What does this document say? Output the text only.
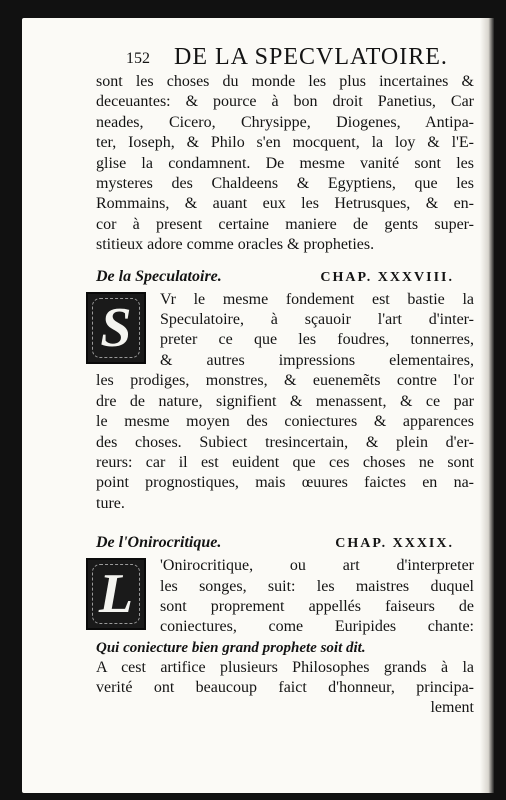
152 DE LA SPECVLATOIRE.
sont les choses du monde les plus incertaines &
deceuantes: & pource à bon droit Panetius, Car
neades, Cicero, Chrysippe, Diogenes, Antipa-
ter, Ioseph, & Philo s'en mocquent, la loy & l'E-
glise la condamnent. De mesme vanité sont les
mysteres des Chaldeens & Egyptiens, que les
Rommains, & auant eux les Hetrusques, & en-
cor à present certaine maniere de gents super-
stitieux adore comme oracles & propheties.
De la Speculatoire.	CHAP. XXXVIII.
S Vr le mesme fondement est bastie la
Speculatoire, à sçauoir l'art d'inter-
preter ce que les foudres, tonnerres,
& autres impressions elementaires,
les prodiges, monstres, & euenemẽts contre l'or
dre de nature, signifient & menassent, & ce par
le mesme moyen des coniectures & apparences
des choses. Subiect tresincertain, & plein d'er-
reurs: car il est euident que ces choses ne sont
point prognostiques, mais œuures faictes en na-
ture.
De l'Onirocritique.	CHAP. XXXIX.
L 'Onirocritique, ou art d'interpreter
les songes, suit: les maistres duquel
sont proprement appellés faiseurs de
coniectures, come Euripides chante:
Qui coniecture bien grand prophete soit dit.
A cest artifice plusieurs Philosophes grands à la
verité ont beaucoup faict d'honneur, principa-
lement
